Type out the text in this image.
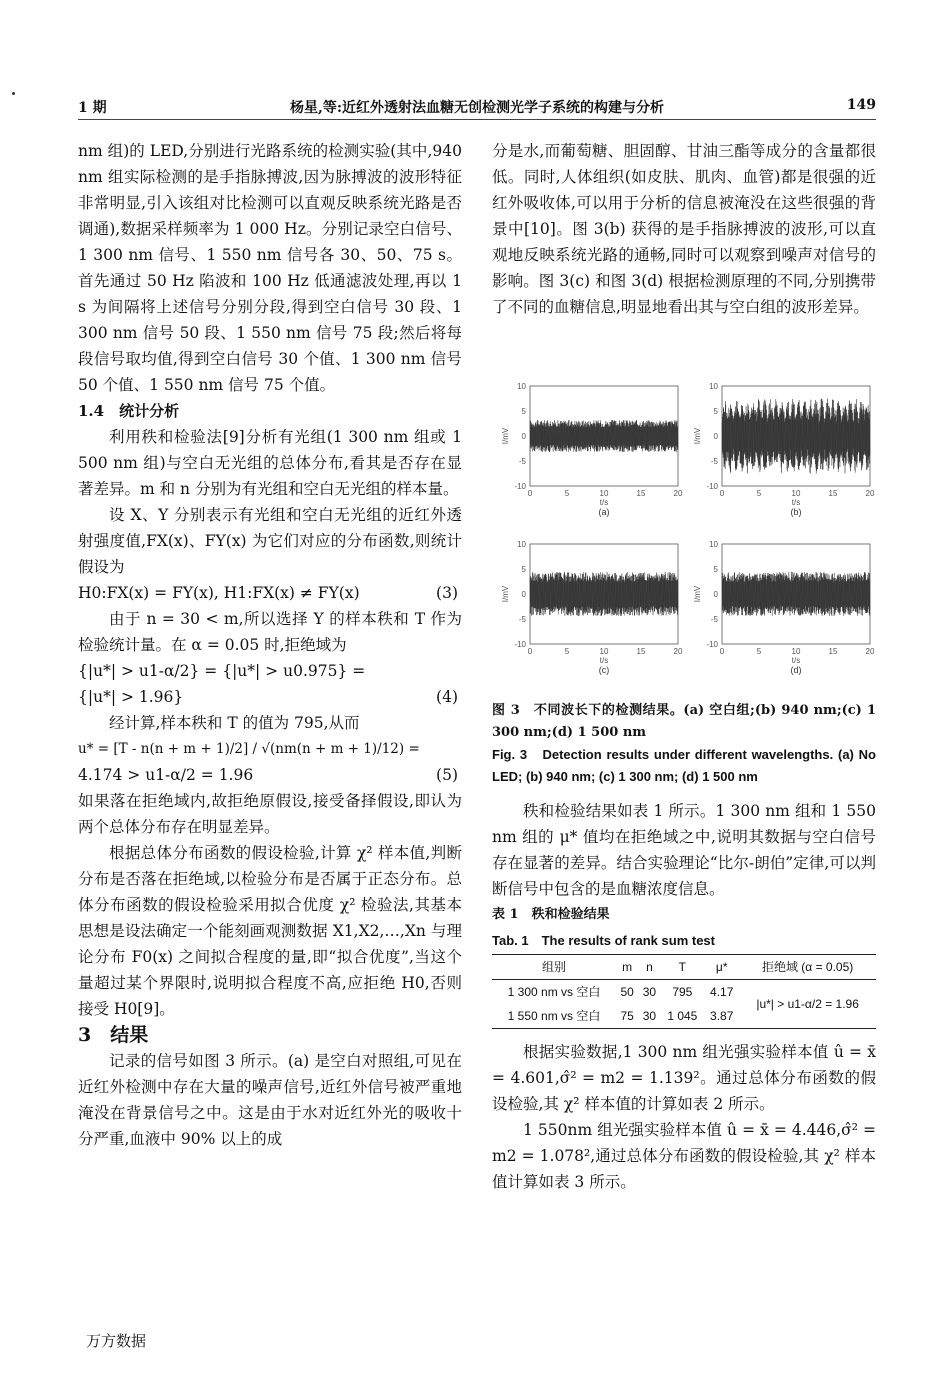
1 期	杨星,等:近红外透射法血糖无创检测光学子系统的构建与分析	149

nm 组)的 LED,分别进行光路系统的检测实验(其中,940 nm 组实际检测的是手指脉搏波,因为脉搏波的波形特征非常明显,引入该组对比检测可以直观反映系统光路是否调通),数据采样频率为 1 000 Hz。分别记录空白信号、1 300 nm 信号、1 550 nm 信号各 30、50、75 s。首先通过 50 Hz 陷波和 100 Hz 低通滤波处理,再以 1 s 为间隔将上述信号分别分段,得到空白信号 30 段、1 300 nm 信号 50 段、1 550 nm 信号 75 段;然后将每段信号取均值,得到空白信号 30 个值、1 300 nm 信号 50 个值、1 550 nm 信号 75 个值。

1.4　统计分析

利用秩和检验法[9]分析有光组(1 300 nm 组或 1 500 nm 组)与空白无光组的总体分布,看其是否存在显著差异。m 和 n 分别为有光组和空白无光组的样本量。

设 X、Y 分别表示有光组和空白无光组的近红外透射强度值,FX(x)、FY(x) 为它们对应的分布函数,则统计假设为

H0:FX(x) = FY(x), H1:FX(x) ≠ FY(x)	(3)

由于 n = 30 < m,所以选择 Y 的样本秩和 T 作为检验统计量。在 α = 0.05 时,拒绝域为

{|u*| > u1-α/2} = {|u*| > u0.975} =

{|u*| > 1.96}	(4)

经计算,样本秩和 T 的值为 795,从而

u* = [T - n(n + m + 1)/2] / √(nm(n + m + 1)/12) =

4.174 > u1-α/2 = 1.96	(5)

如果落在拒绝域内,故拒绝原假设,接受备择假设,即认为两个总体分布存在明显差异。

根据总体分布函数的假设检验,计算 χ² 样本值,判断分布是否落在拒绝域,以检验分布是否属于正态分布。总体分布函数的假设检验采用拟合优度 χ² 检验法,其基本思想是设法确定一个能刻画观测数据 X1,X2,…,Xn 与理论分布 F0(x) 之间拟合程度的量,即“拟合优度”,当这个量超过某个界限时,说明拟合程度不高,应拒绝 H0,否则接受 H0[9]。

3　结果

记录的信号如图 3 所示。(a) 是空白对照组,可见在近红外检测中存在大量的噪声信号,近红外信号被严重地淹没在背景信号之中。这是由于水对近红外光的吸收十分严重,血液中 90% 以上的成

分是水,而葡萄糖、胆固醇、甘油三酯等成分的含量都很低。同时,人体组织(如皮肤、肌肉、血管)都是很强的近红外吸收体,可以用于分析的信息被淹没在这些很强的背景中[10]。图 3(b) 获得的是手指脉搏波的波形,可以直观地反映系统光路的通畅,同时可以观察到噪声对信号的影响。图 3(c) 和图 3(d) 根据检测原理的不同,分别携带了不同的血糖信息,明显地看出其与空白组的波形差异。

10
5
0
-5
-10
0	5	10	15	20
t/s
I/mV
(a)
10
5
0
-5
-10
0	5	10	15	20
t/s
I/mV
(b)
10
5
0
-5
-10
0	5	10	15	20
t/s
I/mV
(c)
10
5
0
-5
-10
0	5	10	15	20
t/s
I/mV
(d)

图 3　不同波长下的检测结果。(a) 空白组;(b) 940 nm;(c) 1 300 nm;(d) 1 500 nm

Fig. 3　Detection results under different wavelengths. (a) No LED; (b) 940 nm; (c) 1 300 nm; (d) 1 500 nm

秩和检验结果如表 1 所示。1 300 nm 组和 1 550 nm 组的 μ* 值均在拒绝域之中,说明其数据与空白信号存在显著的差异。结合实验理论“比尔-朗伯”定律,可以判断信号中包含的是血糖浓度信息。

表 1　秩和检验结果

Tab. 1　The results of rank sum test

组别	m	n	T	μ*	拒绝域 (α = 0.05)
1 300 nm vs 空白	50	30	795	4.17	|u*| > u1-α/2 = 1.96
1 550 nm vs 空白	75	30	1 045	3.87	

根据实验数据,1 300 nm 组光强实验样本值 û = x̄ = 4.601,σ̂² = m2 = 1.139²。通过总体分布函数的假设检验,其 χ² 样本值的计算如表 2 所示。

1 550nm 组光强实验样本值 û = x̄ = 4.446,σ̂² = m2 = 1.078²,通过总体分布函数的假设检验,其 χ² 样本值计算如表 3 所示。

万方数据
